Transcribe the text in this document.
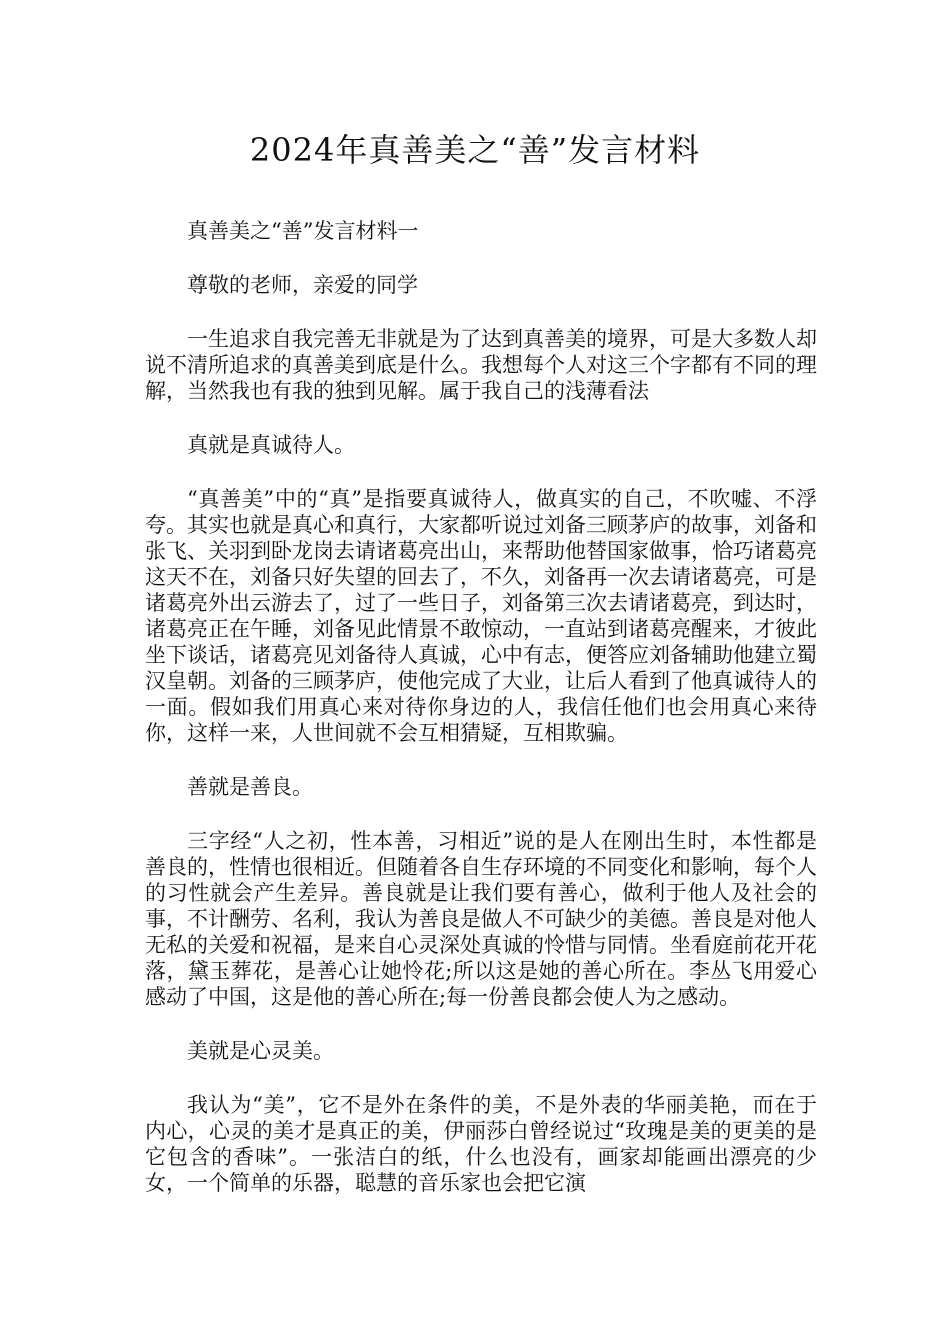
2024年真善美之“善”发言材料

真善美之“善”发言材料一

尊敬的老师，亲爱的同学

一生追求自我完善无非就是为了达到真善美的境界，可是大多数人却说不清所追求的真善美到底是什么。我想每个人对这三个字都有不同的理解，当然我也有我的独到见解。属于我自己的浅薄看法

真就是真诚待人。

“真善美”中的“真”是指要真诚待人，做真实的自己，不吹嘘、不浮夸。其实也就是真心和真行，大家都听说过刘备三顾茅庐的故事，刘备和张飞、关羽到卧龙岗去请诸葛亮出山，来帮助他替国家做事，恰巧诸葛亮这天不在，刘备只好失望的回去了，不久，刘备再一次去请诸葛亮，可是诸葛亮外出云游去了，过了一些日子，刘备第三次去请诸葛亮，到达时，诸葛亮正在午睡，刘备见此情景不敢惊动，一直站到诸葛亮醒来，才彼此坐下谈话，诸葛亮见刘备待人真诚，心中有志，便答应刘备辅助他建立蜀汉皇朝。刘备的三顾茅庐，使他完成了大业，让后人看到了他真诚待人的一面。假如我们用真心来对待你身边的人，我信任他们也会用真心来待你，这样一来，人世间就不会互相猜疑，互相欺骗。

善就是善良。

三字经“人之初，性本善，习相近”说的是人在刚出生时，本性都是善良的，性情也很相近。但随着各自生存环境的不同变化和影响，每个人的习性就会产生差异。善良就是让我们要有善心，做利于他人及社会的事，不计酬劳、名利，我认为善良是做人不可缺少的美德。善良是对他人无私的关爱和祝福，是来自心灵深处真诚的怜惜与同情。坐看庭前花开花落，黛玉葬花，是善心让她怜花;所以这是她的善心所在。李丛飞用爱心感动了中国，这是他的善心所在;每一份善良都会使人为之感动。

美就是心灵美。

我认为“美”，它不是外在条件的美，不是外表的华丽美艳，而在于内心，心灵的美才是真正的美，伊丽莎白曾经说过“玫瑰是美的更美的是它包含的香味”。一张洁白的纸，什么也没有，画家却能画出漂亮的少女，一个简单的乐器，聪慧的音乐家也会把它演
